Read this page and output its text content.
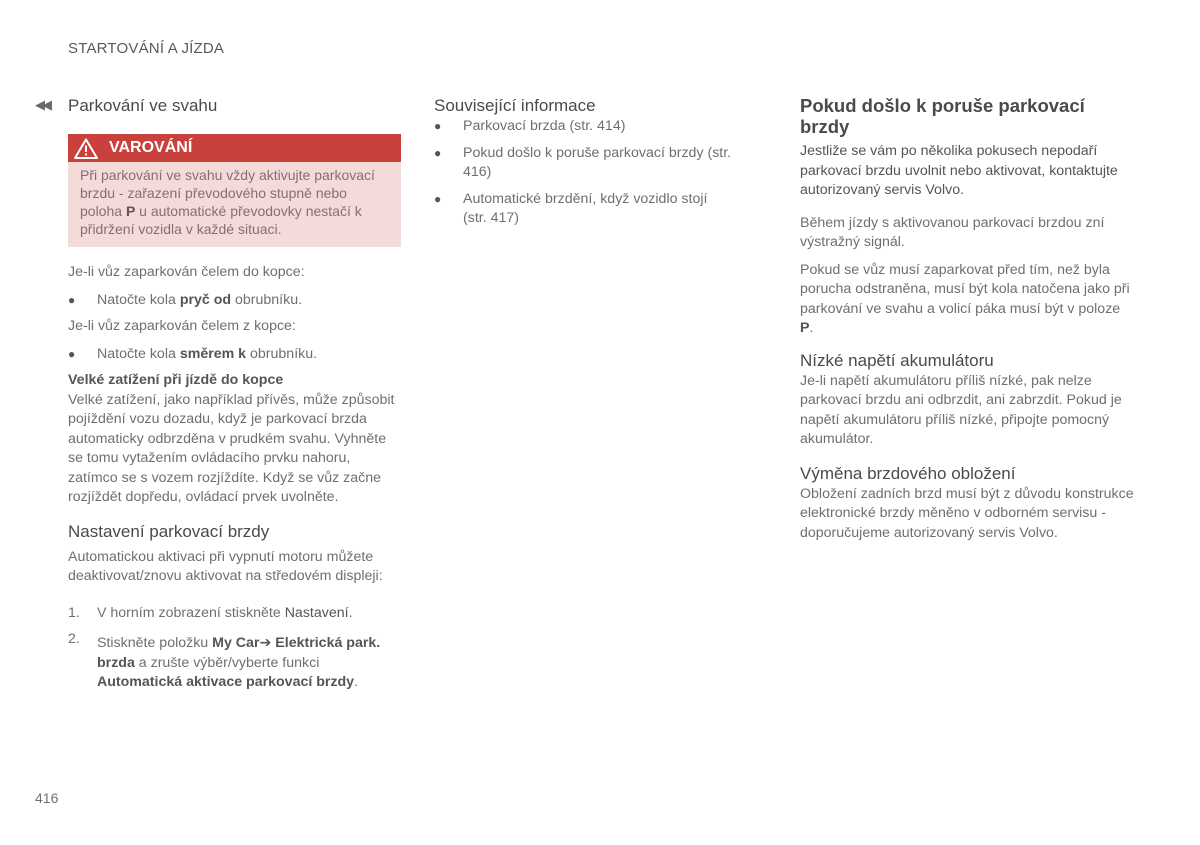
STARTOVÁNÍ A JÍZDA
◀◀ Parkování ve svahu
VAROVÁNÍ
Při parkování ve svahu vždy aktivujte parkovací brzdu - zařazení převodového stupně nebo poloha P u automatické převodovky nestačí k přidržení vozidla v každé situaci.

Je-li vůz zaparkován čelem do kopce:

●	Natočte kola pryč od obrubníku.

Je-li vůz zaparkován čelem z kopce:

●	Natočte kola směrem k obrubníku.

Velké zatížení při jízdě do kopce

Velké zatížení, jako například přívěs, může způsobit pojíždění vozu dozadu, když je parkovací brzda automaticky odbrzděna v prudkém svahu. Vyhněte se tomu vytažením ovládacího prvku nahoru, zatímco se s vozem rozjíždíte. Když se vůz začne rozjíždět dopředu, ovládací prvek uvolněte.

Nastavení parkovací brzdy

Automatickou aktivaci při vypnutí motoru můžete deaktivovat/znovu aktivovat na středovém displeji:

1.	V horním zobrazení stiskněte Nastavení.
2.	Stiskněte položku My Car➔ Elektrická park. brzda a zrušte výběr/vyberte funkci Automatická aktivace parkovací brzdy.
Související informace
●	Parkovací brzda (str. 414)
●	Pokud došlo k poruše parkovací brzdy (str. 416)
●	Automatické brzdění, když vozidlo stojí (str. 417)
Pokud došlo k poruše parkovací brzdy

Jestliže se vám po několika pokusech nepodaří parkovací brzdu uvolnit nebo aktivovat, kontaktujte autorizovaný servis Volvo.

Během jízdy s aktivovanou parkovací brzdou zní výstražný signál.

Pokud se vůz musí zaparkovat před tím, než byla porucha odstraněna, musí být kola natočena jako při parkování ve svahu a volicí páka musí být v poloze P.

Nízké napětí akumulátoru

Je-li napětí akumulátoru příliš nízké, pak nelze parkovací brzdu ani odbrzdit, ani zabrzdit. Pokud je napětí akumulátoru příliš nízké, připojte pomocný akumulátor.

Výměna brzdového obložení

Obložení zadních brzd musí být z důvodu konstrukce elektronické brzdy měněno v odborném servisu - doporučujeme autorizovaný servis Volvo.

416
